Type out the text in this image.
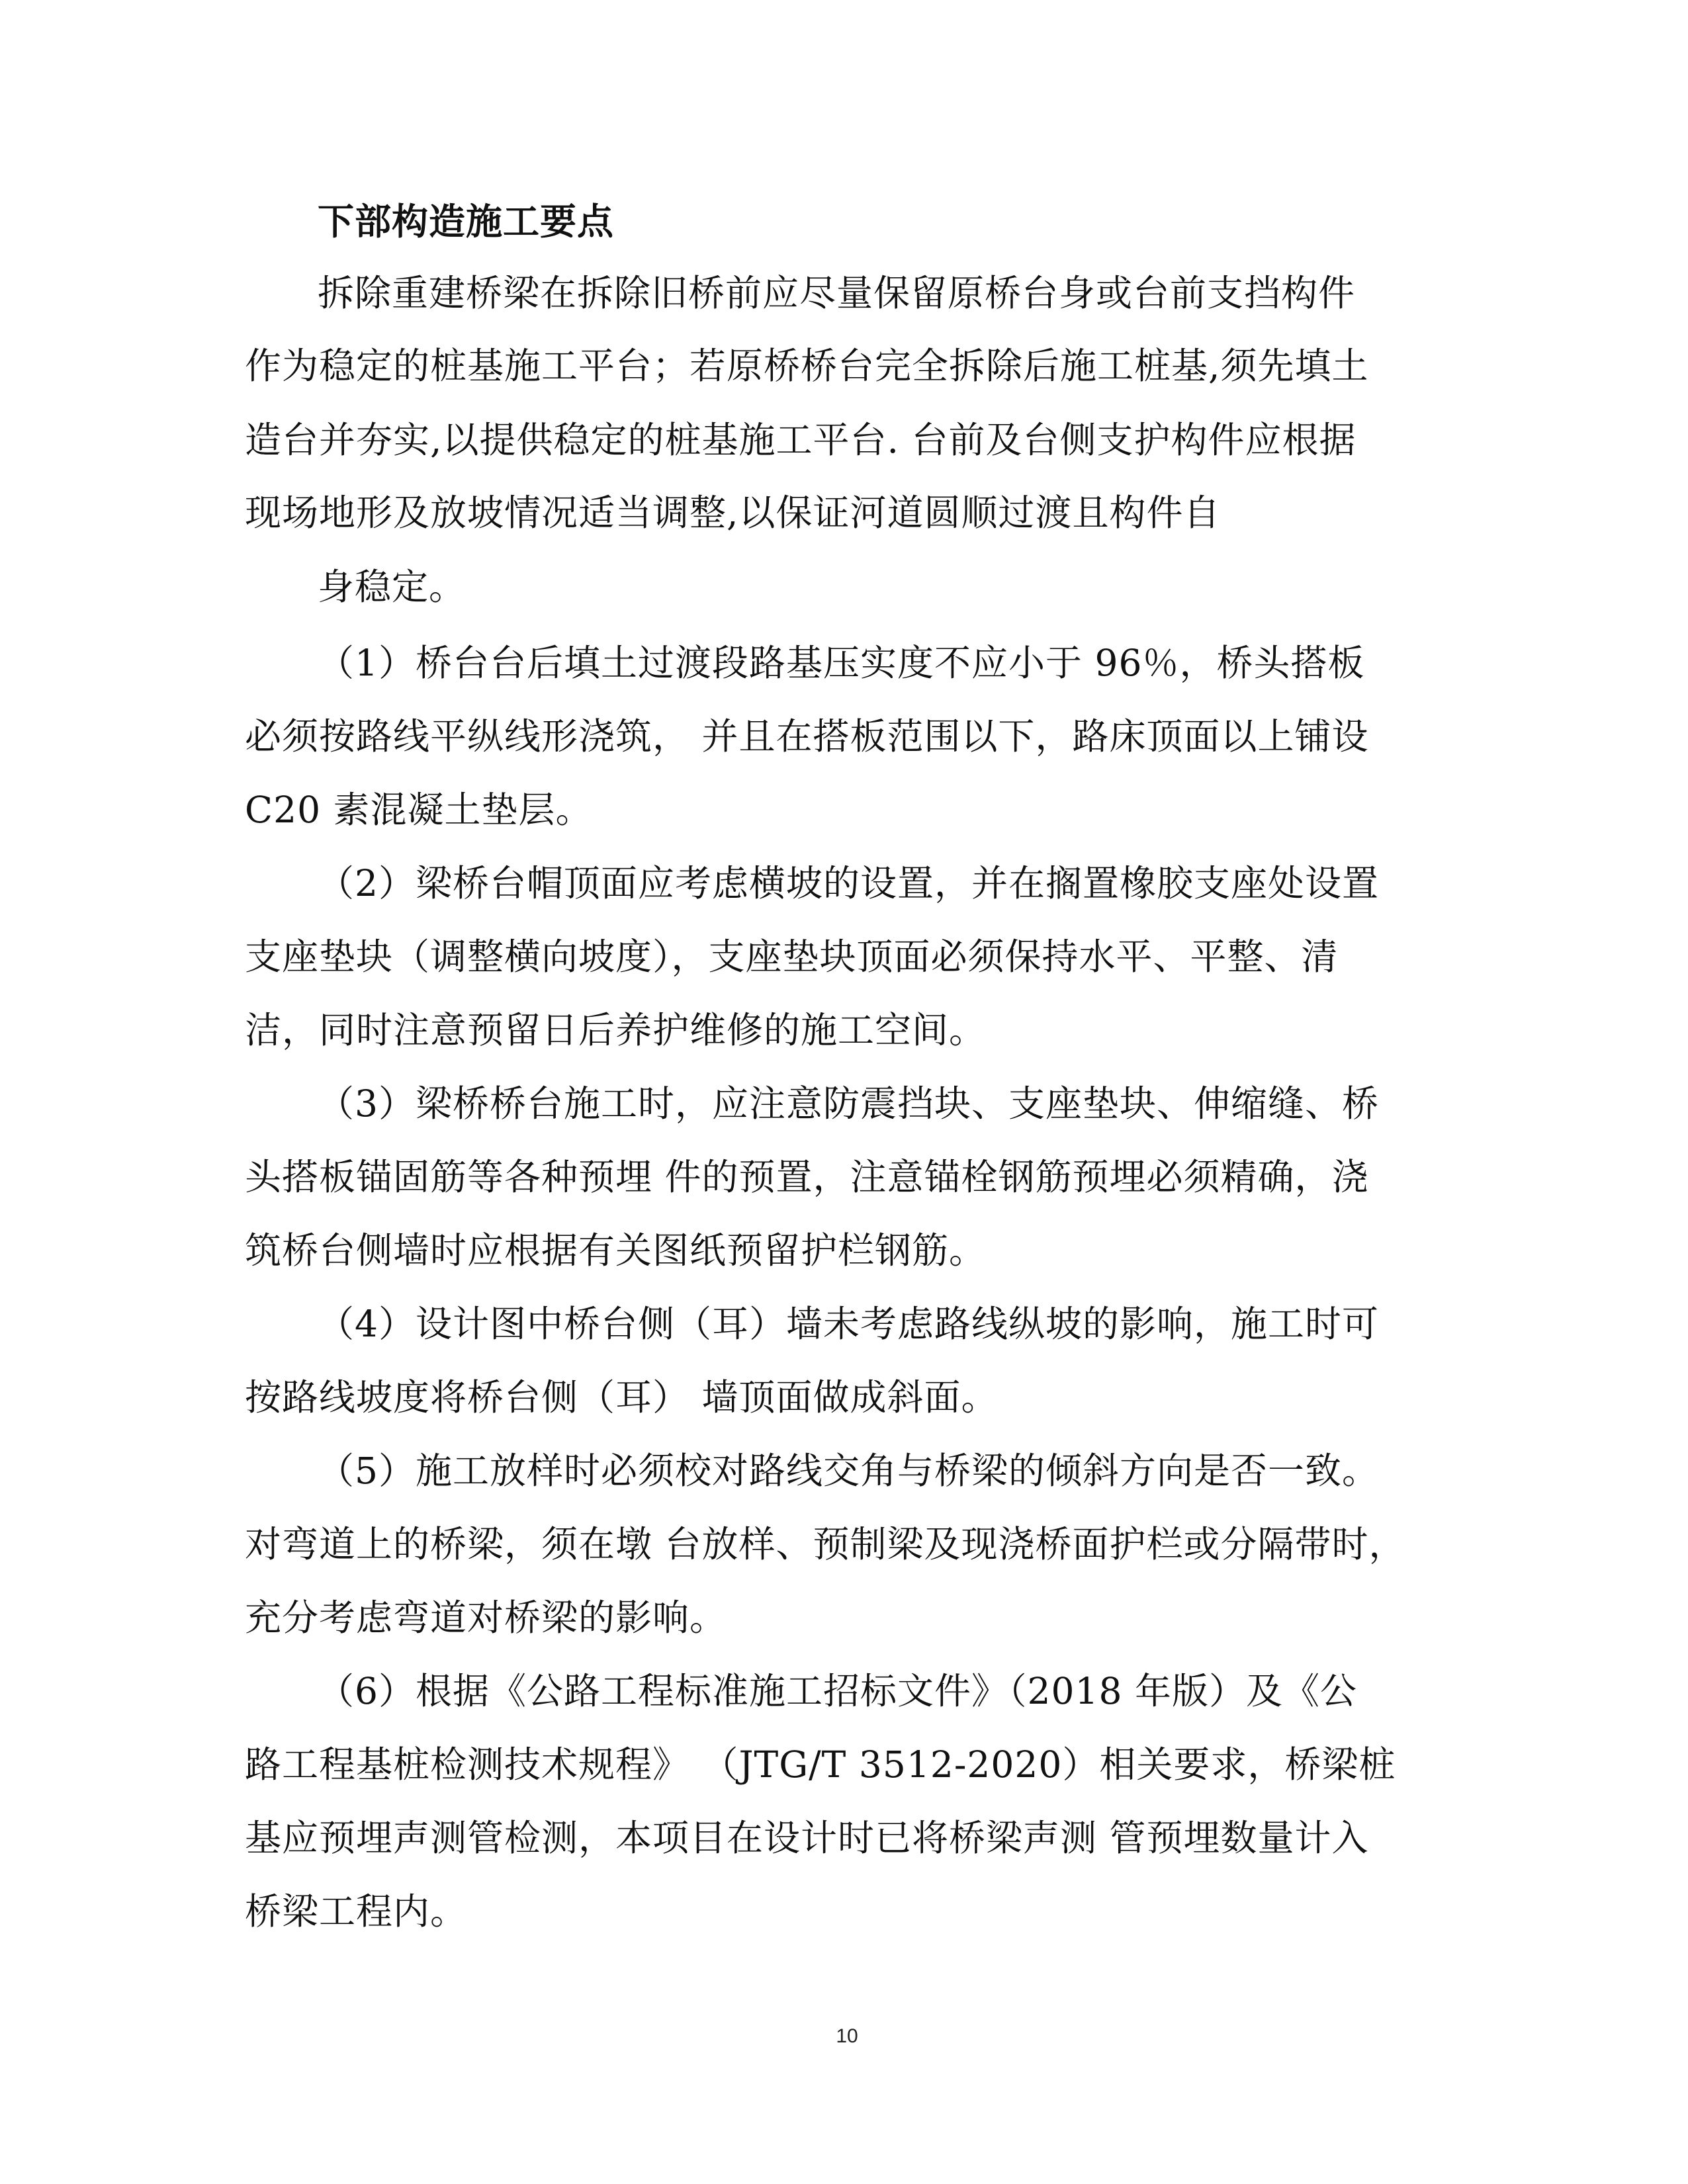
下部构造施工要点

拆除重建桥梁在拆除旧桥前应尽量保留原桥台身或台前支挡构件

作为稳定的桩基施工平台；若原桥桥台完全拆除后施工桩基,须先填土

造台并夯实,以提供稳定的桩基施工平台. 台前及台侧支护构件应根据

现场地形及放坡情况适当调整,以保证河道圆顺过渡且构件自

身稳定。

（1）桥台台后填土过渡段路基压实度不应小于 96％，桥头搭板

必须按路线平纵线形浇筑， 并且在搭板范围以下，路床顶面以上铺设

C20 素混凝土垫层。

（2）梁桥台帽顶面应考虑横坡的设置，并在搁置橡胶支座处设置

支座垫块（调整横向坡度），支座垫块顶面必须保持水平、平整、清

洁，同时注意预留日后养护维修的施工空间。

（3）梁桥桥台施工时，应注意防震挡块、支座垫块、伸缩缝、桥

头搭板锚固筋等各种预埋 件的预置，注意锚栓钢筋预埋必须精确，浇

筑桥台侧墙时应根据有关图纸预留护栏钢筋。

（4）设计图中桥台侧（耳）墙未考虑路线纵坡的影响，施工时可

按路线坡度将桥台侧（耳） 墙顶面做成斜面。

（5）施工放样时必须校对路线交角与桥梁的倾斜方向是否一致。

对弯道上的桥梁，须在墩 台放样、预制梁及现浇桥面护栏或分隔带时，

充分考虑弯道对桥梁的影响。

（6）根据《公路工程标准施工招标文件》（2018 年版）及《公

路工程基桩检测技术规程》 （JTG/T 3512-2020）相关要求，桥梁桩

基应预埋声测管检测，本项目在设计时已将桥梁声测 管预埋数量计入

桥梁工程内。

10
